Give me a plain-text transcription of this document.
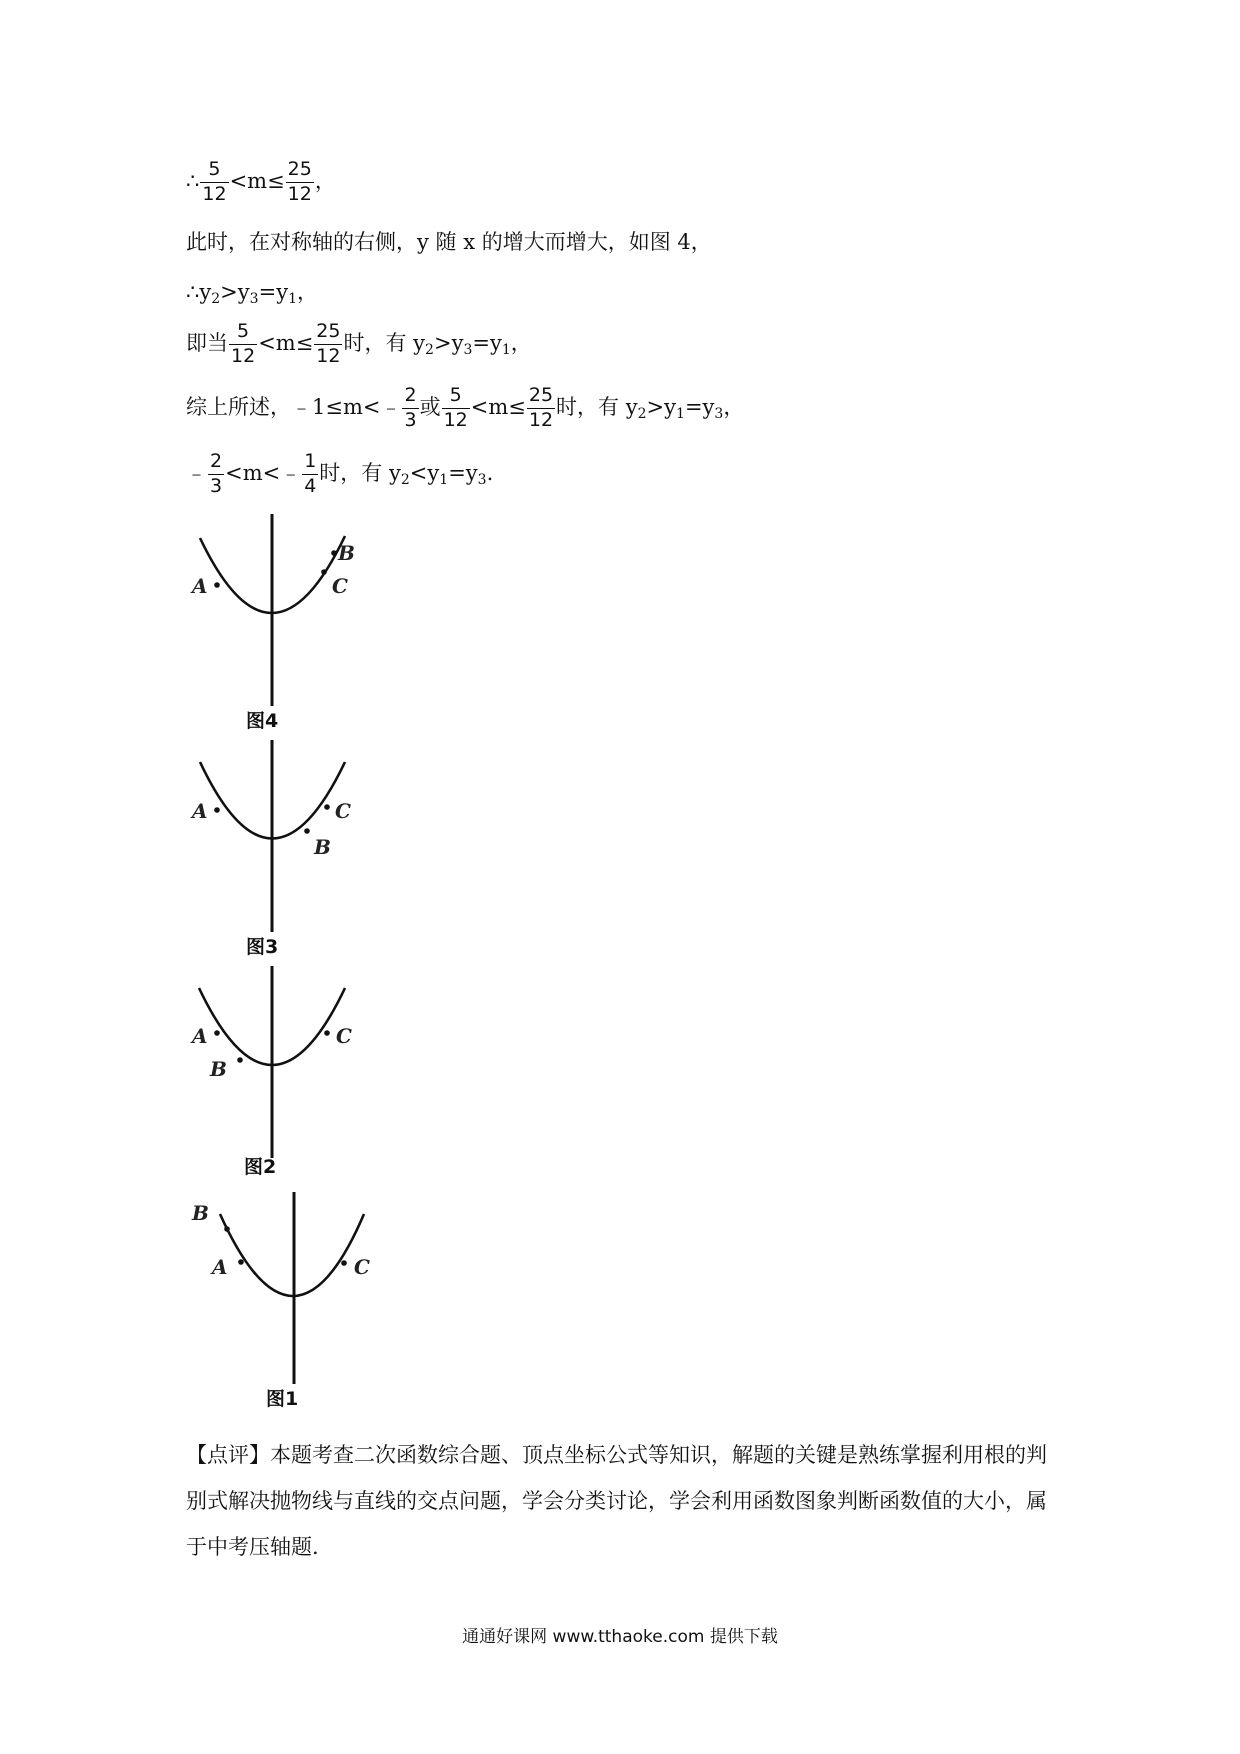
∴ $\frac{5}{12} <m\le \frac{25}{12}$ ，
此时，在对称轴的右侧，y 随 x 的增大而增大，如图 4，
$\therefore y_2>y_3=y_1$，
即当 $\frac{5}{12} <m\le \frac{25}{12}$ 时，有 $y_2>y_3=y_1$，
综上所述，﹣1≤m<﹣ $\frac{2}{3}$ 或 $\frac{5}{12} <m\le \frac{25}{12}$ 时，有 $y_2>y_1=y_3$，
﹣ $\frac{2}{3}$ <m<﹣ $\frac{1}{4}$ 时，有 $y_2<y_1=y_3$.
A
B
C
图4
A
B
C
图3
A
B
C
图2
B
A	C
图1
【点评】本题考查二次函数综合题、顶点坐标公式等知识，解题的关键是熟练掌握利用根的判别式解决抛物线与直线的交点问题，学会分类讨论，学会利用函数图象判断函数值的大小，属于中考压轴题.
通通好课网 www.tthaoke.com 提供下载
